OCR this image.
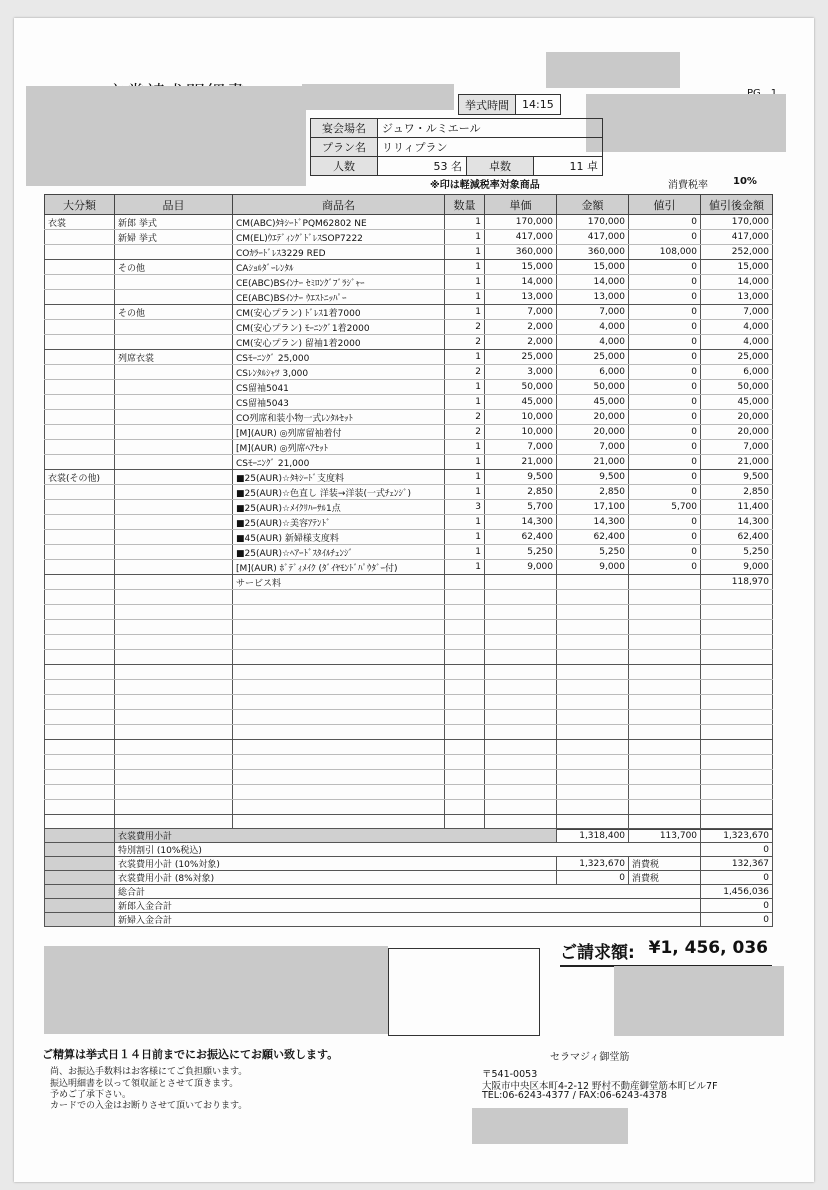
挙式時間	14:15
宴会場名	ジュワ・ルミエール		
プラン名	リリィプラン		
人数	53 名	卓数	11 卓
※印は軽減税率対象商品	消費税率	10%
大分類	品目	商品名	数量	単価	金額	値引	値引後金額
衣裳	新郎 挙式	CM(ABC)ﾀｷｼｰﾄﾞPQM62802 NE	1	170,000	170,000	0	170,000
	新婦 挙式	CM(EL)ｳｴﾃﾞｨﾝｸﾞﾄﾞﾚｽSOP7222	1	417,000	417,000	0	417,000
		COｶﾗｰﾄﾞﾚｽ3229 RED	1	360,000	360,000	108,000	252,000
	その他	CAｼｮﾙﾀﾞｰﾚﾝﾀﾙ	1	15,000	15,000	0	15,000
		CE(ABC)BSｲﾝﾅｰ ｾﾐﾛﾝｸﾞﾌﾞﾗｼﾞｬｰ	1	14,000	14,000	0	14,000
		CE(ABC)BSｲﾝﾅｰ ｳｴｽﾄﾆｯﾊﾟｰ	1	13,000	13,000	0	13,000
	その他	CM(安心プラン) ﾄﾞﾚｽ1着7000	1	7,000	7,000	0	7,000
		CM(安心プラン) ﾓｰﾆﾝｸﾞ1着2000	2	2,000	4,000	0	4,000
		CM(安心プラン) 留袖1着2000	2	2,000	4,000	0	4,000
	列席衣裳	CSﾓｰﾆﾝｸﾞ 25,000	1	25,000	25,000	0	25,000
		CSﾚﾝﾀﾙｼｬﾂ 3,000	2	3,000	6,000	0	6,000
		CS留袖5041	1	50,000	50,000	0	50,000
		CS留袖5043	1	45,000	45,000	0	45,000
		CO列席和装小物一式ﾚﾝﾀﾙｾｯﾄ	2	10,000	20,000	0	20,000
		[M](AUR) ◎列席留袖着付	2	10,000	20,000	0	20,000
		[M](AUR) ◎列席ﾍｱｾｯﾄ	1	7,000	7,000	0	7,000
		CSﾓｰﾆﾝｸﾞ 21,000	1	21,000	21,000	0	21,000
衣裳(その他)		■25(AUR)☆ﾀｷｼｰﾄﾞ支度料	1	9,500	9,500	0	9,500
		■25(AUR)☆色直し 洋装→洋装(一式ﾁｪﾝｼﾞ)	1	2,850	2,850	0	2,850
		■25(AUR)☆ﾒｲｸﾘﾊｰｻﾙ1点	3	5,700	17,100	5,700	11,400
		■25(AUR)☆美容ｱﾃﾝﾄﾞ	1	14,300	14,300	0	14,300
		■45(AUR) 新婦様支度料	1	62,400	62,400	0	62,400
		■25(AUR)☆ﾍｱｰﾄﾞｽﾀｲﾙﾁｪﾝｼﾞ	1	5,250	5,250	0	5,250
		[M](AUR) ﾎﾞﾃﾞｨﾒｲｸ (ﾀﾞｲﾔﾓﾝﾄﾞﾊﾟｳﾀﾞｰ付)	1	9,000	9,000	0	9,000
		サービス料					118,970

	衣裳費用小計	1,318,400	113,700	1,323,670
	特別割引 (10%税込)			0
	衣裳費用小計 (10%対象)	1,323,670	消費税	132,367
	衣裳費用小計 (8%対象)	0	消費税	0
	総合計			1,456,036
	新郎入金合計			0
	新婦入金合計			0
ご請求額: ¥1, 456, 036
ご精算は挙式日１４日前までにお振込にてお願い致します。
尚、お振込手数料はお客様にてご負担願います。
振込明細書を以って領収証とさせて頂きます。
予めご了承下さい。
カードでの入金はお断りさせて頂いております。
セラマジィ御堂筋
〒541-0053
大阪市中央区本町4-2-12 野村不動産御堂筋本町ビル7F
TEL:06-6243-4377 / FAX:06-6243-4378
